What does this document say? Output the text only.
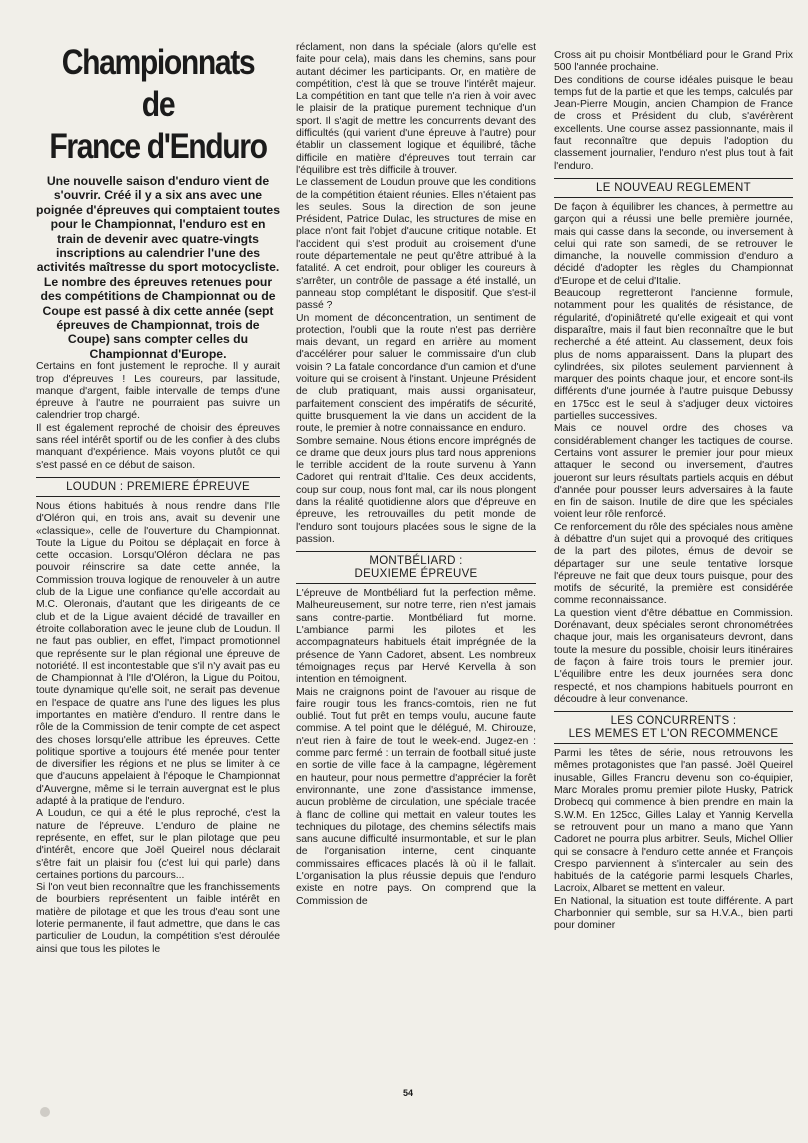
Championnats de
France d'Enduro

Une nouvelle saison d'enduro vient de s'ouvrir. Créé il y a six ans avec une poignée d'épreuves qui comptaient toutes pour le Championnat, l'enduro est en train de devenir avec quatre-vingts inscriptions au calendrier l'une des activités maîtresse du sport motocycliste. Le nombre des épreuves retenues pour des compétitions de Championnat ou de Coupe est passé à dix cette année (sept épreuves de Championnat, trois de Coupe) sans compter celles du Championnat d'Europe.

Certains en font justement le reproche. Il y aurait trop d'épreuves ! Les coureurs, par lassitude, manque d'argent, faible intervalle de temps d'une épreuve à l'autre ne pourraient pas suivre un calendrier trop chargé.

Il est également reproché de choisir des épreuves sans réel intérêt sportif ou de les confier à des clubs manquant d'expérience. Mais voyons plutôt ce qui s'est passé en ce début de saison.

LOUDUN : PREMIERE ÉPREUVE

Nous étions habitués à nous rendre dans l'Ile d'Oléron qui, en trois ans, avait su devenir une «classique», celle de l'ouverture du Championnat. Toute la Ligue du Poitou se déplaçait en force à cette occasion. Lorsqu'Oléron déclara ne pas pouvoir réinscrire sa date cette année, la Commission trouva logique de renouveler à un autre club de la Ligue une confiance qu'elle accordait au M.C. Oleronais, d'autant que les dirigeants de ce club et de la Ligue avaient décidé de travailler en étroite collaboration avec le jeune club de Loudun. Il ne faut pas oublier, en effet, l'impact promotionnel que représente sur le plan régional une épreuve de notoriété. Il est incontestable que s'il n'y avait pas eu de Championnat à l'Ile d'Oléron, la Ligue du Poitou, toute dynamique qu'elle soit, ne serait pas devenue en l'espace de quatre ans l'une des ligues les plus importantes en matière d'enduro. Il rentre dans le rôle de la Commission de tenir compte de cet aspect des choses lorsqu'elle attribue les épreuves. Cette politique sportive a toujours été menée pour tenter de diversifier les régions et ne plus se limiter à ce que d'aucuns appelaient à l'époque le Championnat d'Auvergne, même si le terrain auvergnat est le plus adapté à la pratique de l'enduro.

A Loudun, ce qui a été le plus reproché, c'est la nature de l'épreuve. L'enduro de plaine ne représente, en effet, sur le plan pilotage que peu d'intérêt, encore que Joël Queirel nous déclarait s'être fait un plaisir fou (c'est lui qui parle) dans certaines portions du parcours...

Si l'on veut bien reconnaître que les franchissements de bourbiers représentent un faible intérêt en matière de pilotage et que les trous d'eau sont une loterie permanente, il faut admettre, que dans le cas particulier de Loudun, la compétition s'est déroulée ainsi que tous les pilotes le

réclament, non dans la spéciale (alors qu'elle est faite pour cela), mais dans les chemins, sans pour autant décimer les participants. Or, en matière de compétition, c'est là que se trouve l'intérêt majeur. La compétition en tant que telle n'a rien à voir avec le plaisir de la pratique purement technique d'un sport. Il s'agit de mettre les concurrents devant des difficultés (qui varient d'une épreuve à l'autre) pour établir un classement logique et équilibré, tâche difficile en matière d'épreuves tout terrain car l'équilibre est très difficile à trouver.

Le classement de Loudun prouve que les conditions de la compétition étaient réunies. Elles n'étaient pas les seules. Sous la direction de son jeune Président, Patrice Dulac, les structures de mise en place n'ont fait l'objet d'aucune critique notable. Et l'accident qui s'est produit au croisement d'une route départementale ne peut qu'être attribué à la fatalité. A cet endroit, pour obliger les coureurs à s'arrêter, un contrôle de passage a été installé, un panneau stop complétant le dispositif. Que s'est-il passé ?

Un moment de déconcentration, un sentiment de protection, l'oubli que la route n'est pas derrière mais devant, un regard en arrière au moment d'accélérer pour saluer le commissaire d'un club voisin ? La fatale concordance d'un camion et d'une voiture qui se croisent à l'instant. Unjeune Président de club pratiquant, mais aussi organisateur, parfaitement conscient des impératifs de sécurité, quitte brusquement la vie dans un accident de la route, le premier à notre connaissance en enduro.

Sombre semaine. Nous étions encore imprégnés de ce drame que deux jours plus tard nous apprenions le terrible accident de la route survenu à Yann Cadoret qui rentrait d'Italie. Ces deux accidents, coup sur coup, nous font mal, car ils nous plongent dans la réalité quotidienne alors que d'épreuve en épreuve, les retrouvailles du petit monde de l'enduro sont toujours placées sous le signe de la passion.

MONTBÉLIARD :
DEUXIEME ÉPREUVE

L'épreuve de Montbéliard fut la perfection même. Malheureusement, sur notre terre, rien n'est jamais sans contre-partie. Montbéliard fut morne. L'ambiance parmi les pilotes et les accompagnateurs habituels était imprégnée de la présence de Yann Cadoret, absent. Les nombreux témoignages reçus par Hervé Kervella à son intention en témoignent.

Mais ne craignons point de l'avouer au risque de faire rougir tous les francs-comtois, rien ne fut oublié. Tout fut prêt en temps voulu, aucune faute commise. A tel point que le délégué, M. Chirouze, n'eut rien à faire de tout le week-end. Jugez-en : comme parc fermé : un terrain de football situé juste en sortie de ville face à la campagne, légèrement en hauteur, pour nous permettre d'apprécier la forêt environnante, une zone d'assistance immense, aucun problème de circulation, une spéciale tracée à flanc de colline qui mettait en valeur toutes les techniques du pilotage, des chemins sélectifs mais sans aucune difficulté insurmontable, et sur le plan de l'organisation interne, cent cinquante commissaires efficaces placés là où il le fallait. L'organisation la plus réussie depuis que l'enduro existe en notre pays. On comprend que la Commission de

Cross ait pu choisir Montbéliard pour le Grand Prix 500 l'année prochaine.

Des conditions de course idéales puisque le beau temps fut de la partie et que les temps, calculés par Jean-Pierre Mougin, ancien Champion de France de cross et Président du club, s'avérèrent excellents. Une course assez passionnante, mais il faut reconnaître que depuis l'adoption du classement journalier, l'enduro n'est plus tout à fait l'enduro.

LE NOUVEAU REGLEMENT

De façon à équilibrer les chances, à permettre au garçon qui a réussi une belle première journée, mais qui casse dans la seconde, ou inversement à celui qui rate son samedi, de se retrouver le dimanche, la nouvelle commission d'enduro a décidé d'adopter les règles du Championnat d'Europe et de celui d'Italie.

Beaucoup regretteront l'ancienne formule, notamment pour les qualités de résistance, de régularité, d'opiniâtreté qu'elle exigeait et qui vont disparaître, mais il faut bien reconnaître que le but recherché a été atteint. Au classement, deux fois plus de noms apparaissent. Dans la plupart des cylindrées, six pilotes seulement parviennent à marquer des points chaque jour, et encore sont-ils différents d'une journée à l'autre puisque Debussy en 175cc est le seul à s'adjuger deux victoires partielles successives.

Mais ce nouvel ordre des choses va considérablement changer les tactiques de course. Certains vont assurer le premier jour pour mieux attaquer le second ou inversement, d'autres joueront sur leurs résultats partiels acquis en début d'année pour pousser leurs adversaires à la faute en fin de saison. Inutile de dire que les spéciales voient leur rôle renforcé.

Ce renforcement du rôle des spéciales nous amène à débattre d'un sujet qui a provoqué des critiques de la part des pilotes, émus de devoir se départager sur une seule tentative lorsque l'épreuve ne fait que deux tours puisque, pour des motifs de sécurité, la première est considérée comme reconnaissance.

La question vient d'être débattue en Commission. Dorénavant, deux spéciales seront chronométrées chaque jour, mais les organisateurs devront, dans toute la mesure du possible, choisir leurs itinéraires de façon à faire trois tours le premier jour. L'équilibre entre les deux journées sera donc respecté, et nos champions habituels pourront en découdre à leur convenance.

LES CONCURRENTS :
LES MEMES ET L'ON RECOMMENCE

Parmi les têtes de série, nous retrouvons les mêmes protagonistes que l'an passé. Joël Queirel inusable, Gilles Francru devenu son co-équipier, Marc Morales promu premier pilote Husky, Patrick Drobecq qui commence à bien prendre en main la S.W.M. En 125cc, Gilles Lalay et Yannig Kervella se retrouvent pour un mano a mano que Yann Cadoret ne pourra plus arbitrer. Seuls, Michel Ollier qui se consacre à l'enduro cette année et François Crespo parviennent à s'intercaler au sein des habitués de la catégorie parmi lesquels Charles, Lacroix, Albaret se mettent en valeur.

En National, la situation est toute différente. A part Charbonnier qui semble, sur sa H.V.A., bien parti pour dominer

54
